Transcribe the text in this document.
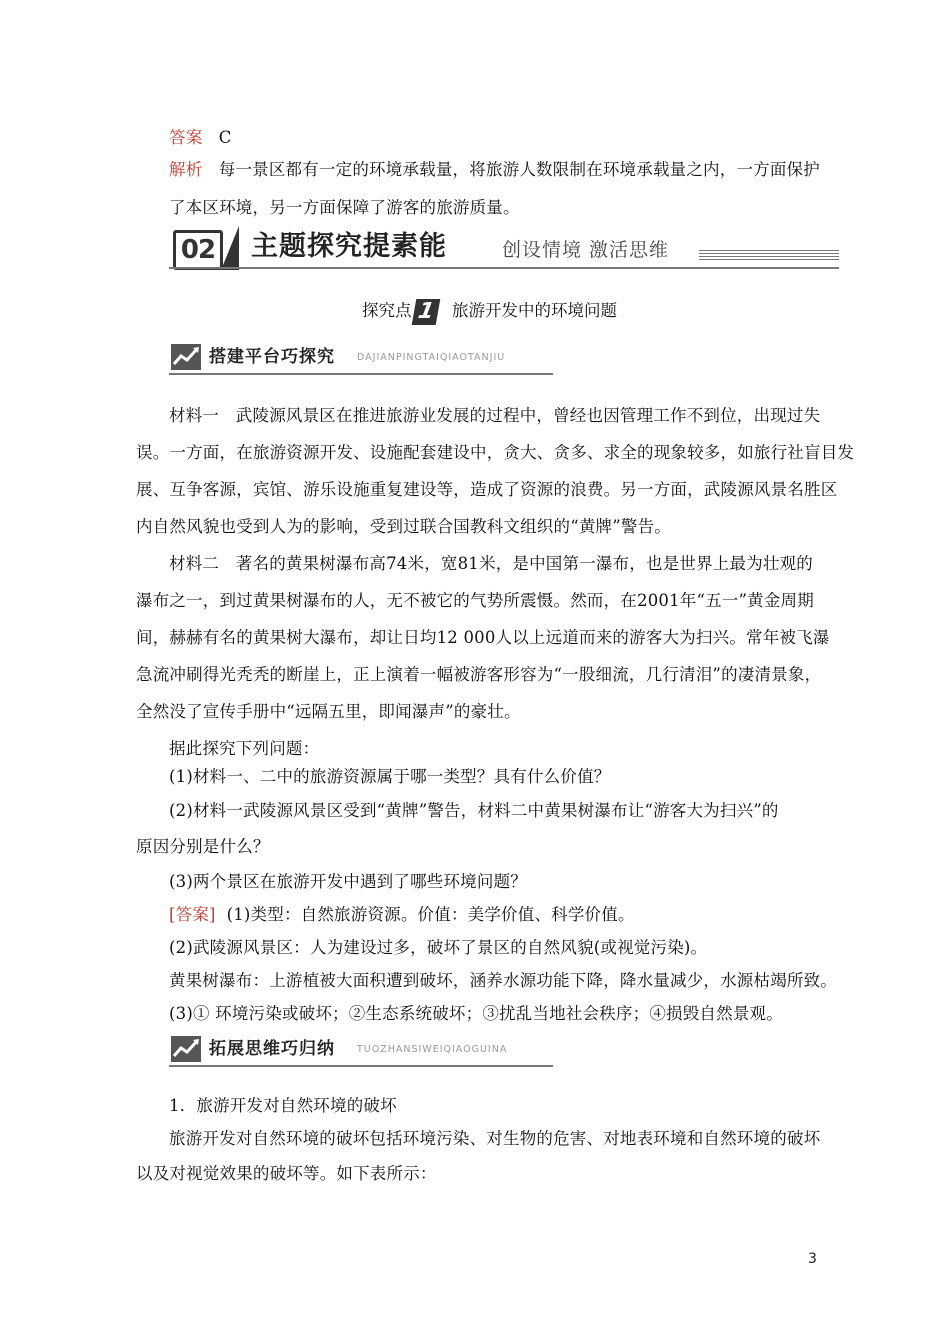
答案 C
解析 每一景区都有一定的环境承载量，将旅游人数限制在环境承载量之内，一方面保护
了本区环境，另一方面保障了游客的旅游质量。
02 主题探究提素能	创设情境 激活思维
探究点 1 旅游开发中的环境问题
搭建平台巧探究 DAJIANPINGTAIQIAOTANJIU
材料一　武陵源风景区在推进旅游业发展的过程中，曾经也因管理工作不到位，出现过失
误。一方面，在旅游资源开发、设施配套建设中，贪大、贪多、求全的现象较多，如旅行社盲目发
展、互争客源，宾馆、游乐设施重复建设等，造成了资源的浪费。另一方面，武陵源风景名胜区
内自然风貌也受到人为的影响，受到过联合国教科文组织的“黄牌”警告。
材料二　著名的黄果树瀑布高74米，宽81米，是中国第一瀑布，也是世界上最为壮观的
瀑布之一，到过黄果树瀑布的人，无不被它的气势所震慑。然而，在2001年“五一”黄金周期
间，赫赫有名的黄果树大瀑布，却让日均12 000人以上远道而来的游客大为扫兴。常年被飞瀑
急流冲刷得光秃秃的断崖上，正上演着一幅被游客形容为“一股细流，几行清泪”的凄清景象，
全然没了宣传手册中“远隔五里，即闻瀑声”的豪壮。
据此探究下列问题：
(1)材料一、二中的旅游资源属于哪一类型？具有什么价值？
(2)材料一武陵源风景区受到“黄牌”警告，材料二中黄果树瀑布让“游客大为扫兴”的
原因分别是什么？
(3)两个景区在旅游开发中遇到了哪些环境问题？
[答案] (1)类型：自然旅游资源。价值：美学价值、科学价值。
(2)武陵源风景区：人为建设过多，破坏了景区的自然风貌(或视觉污染)。
黄果树瀑布：上游植被大面积遭到破坏，涵养水源功能下降，降水量减少，水源枯竭所致。
(3)① 环境污染或破坏；②生态系统破坏；③扰乱当地社会秩序；④损毁自然景观。
拓展思维巧归纳 TUOZHANSIWEIQIAOGUINA
1．旅游开发对自然环境的破坏
旅游开发对自然环境的破坏包括环境污染、对生物的危害、对地表环境和自然环境的破坏
以及对视觉效果的破坏等。如下表所示：
3
